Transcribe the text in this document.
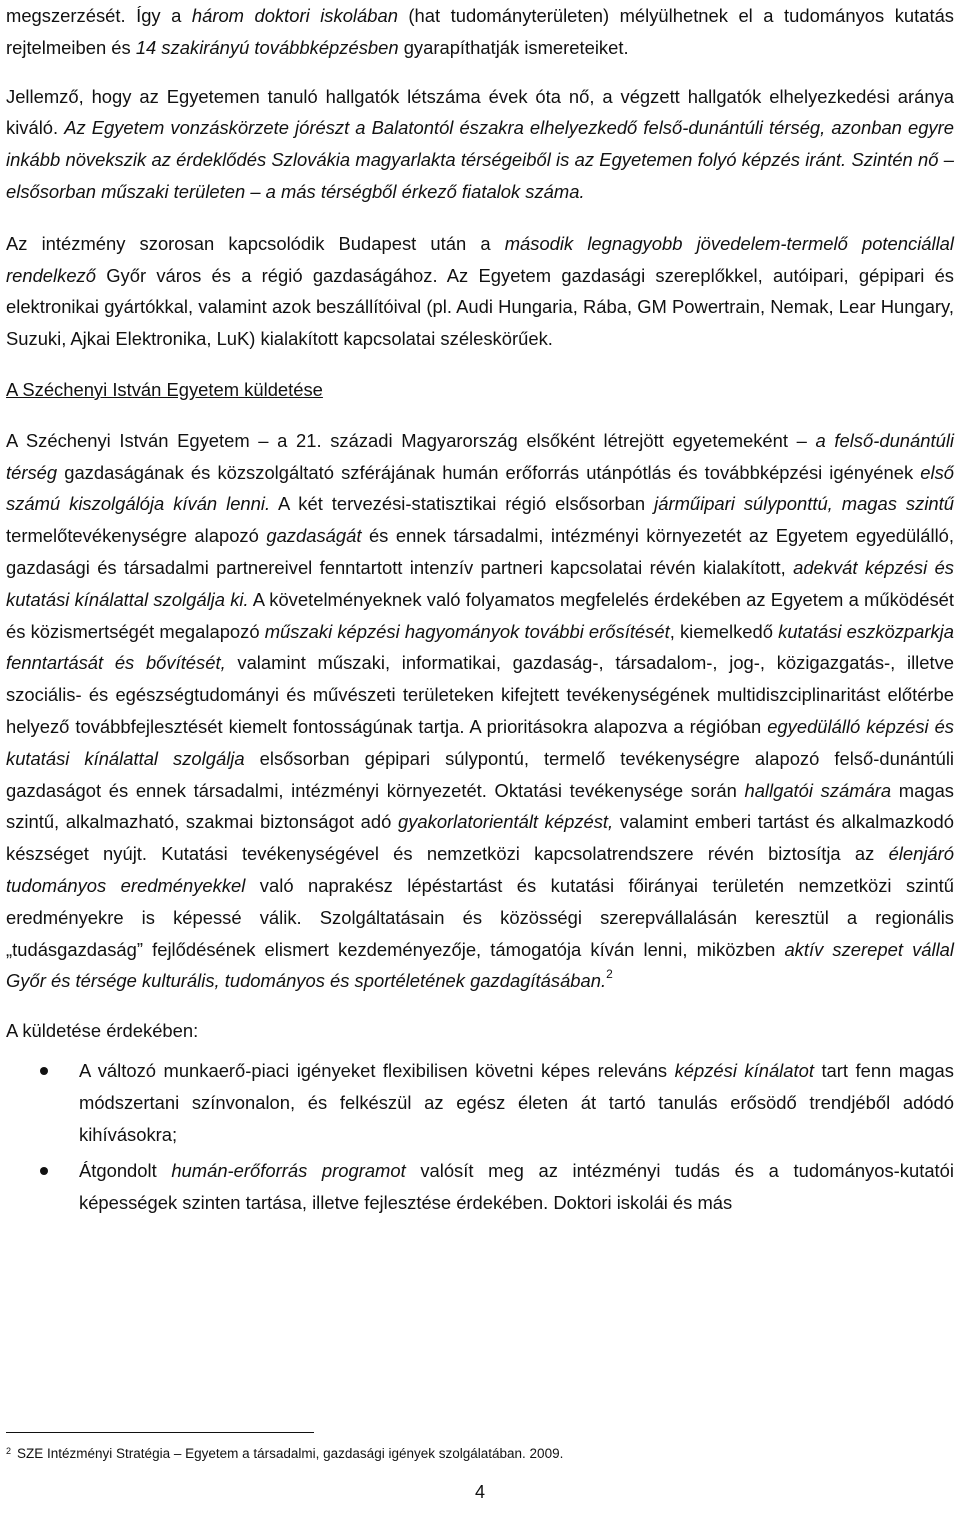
megszerzését. Így a három doktori iskolában (hat tudományterületen) mélyülhetnek el a tudományos kutatás rejtelmeiben és 14 szakirányú továbbképzésben gyarapíthatják ismereteiket.

Jellemző, hogy az Egyetemen tanuló hallgatók létszáma évek óta nő, a végzett hallgatók elhelyezkedési aránya kiváló. Az Egyetem vonzáskörzete jórészt a Balatontól északra elhelyezkedő felső-dunántúli térség, azonban egyre inkább növekszik az érdeklődés Szlovákia magyarlakta térségeiből is az Egyetemen folyó képzés iránt. Szintén nő – elsősorban műszaki területen – a más térségből érkező fiatalok száma.

Az intézmény szorosan kapcsolódik Budapest után a második legnagyobb jövedelem-termelő potenciállal rendelkező Győr város és a régió gazdaságához. Az Egyetem gazdasági szereplőkkel, autóipari, gépipari és elektronikai gyártókkal, valamint azok beszállítóival (pl. Audi Hungaria, Rába, GM Powertrain, Nemak, Lear Hungary, Suzuki, Ajkai Elektronika, LuK) kialakított kapcsolatai széleskörűek.

A Széchenyi István Egyetem küldetése

A Széchenyi István Egyetem – a 21. századi Magyarország elsőként létrejött egyetemeként – a felső-dunántúli térség gazdaságának és közszolgáltató szférájának humán erőforrás utánpótlás és továbbképzési igényének első számú kiszolgálója kíván lenni. A két tervezési-statisztikai régió elsősorban járműipari súlyponttú, magas szintű termelőtevékenységre alapozó gazdaságát és ennek társadalmi, intézményi környezetét az Egyetem egyedülálló, gazdasági és társadalmi partnereivel fenntartott intenzív partneri kapcsolatai révén kialakított, adekvát képzési és kutatási kínálattal szolgálja ki. A követelményeknek való folyamatos megfelelés érdekében az Egyetem a működését és közismertségét megalapozó műszaki képzési hagyományok további erősítését, kiemelkedő kutatási eszközparkja fenntartását és bővítését, valamint műszaki, informatikai, gazdaság-, társadalom-, jog-, közigazgatás-, illetve szociális- és egészségtudományi és művészeti területeken kifejtett tevékenységének multidiszciplinaritást előtérbe helyező továbbfejlesztését kiemelt fontosságúnak tartja. A prioritásokra alapozva a régióban egyedülálló képzési és kutatási kínálattal szolgálja elsősorban gépipari súlypontú, termelő tevékenységre alapozó felső-dunántúli gazdaságot és ennek társadalmi, intézményi környezetét. Oktatási tevékenysége során hallgatói számára magas szintű, alkalmazható, szakmai biztonságot adó gyakorlatorientált képzést, valamint emberi tartást és alkalmazkodó készséget nyújt. Kutatási tevékenységével és nemzetközi kapcsolatrendszere révén biztosítja az élenjáró tudományos eredményekkel való naprakész lépéstartást és kutatási főirányai területén nemzetközi szintű eredményekre is képessé válik. Szolgáltatásain és közösségi szerepvállalásán keresztül a regionális „tudásgazdaság” fejlődésének elismert kezdeményezője, támogatója kíván lenni, miközben aktív szerepet vállal Győr és térsége kulturális, tudományos és sportéletének gazdagításában.$^2$

A küldetése érdekében:

A változó munkaerő-piaci igényeket flexibilisen követni képes releváns képzési kínálatot tart fenn magas módszertani színvonalon, és felkészül az egész életen át tartó tanulás erősödő trendjéből adódó kihívásokra;
Átgondolt humán-erőforrás programot valósít meg az intézményi tudás és a tudományos-kutatói képességek szinten tartása, illetve fejlesztése érdekében. Doktori iskolái és más
$^2$ SZE Intézményi Stratégia – Egyetem a társadalmi, gazdasági igények szolgálatában. 2009.
4
